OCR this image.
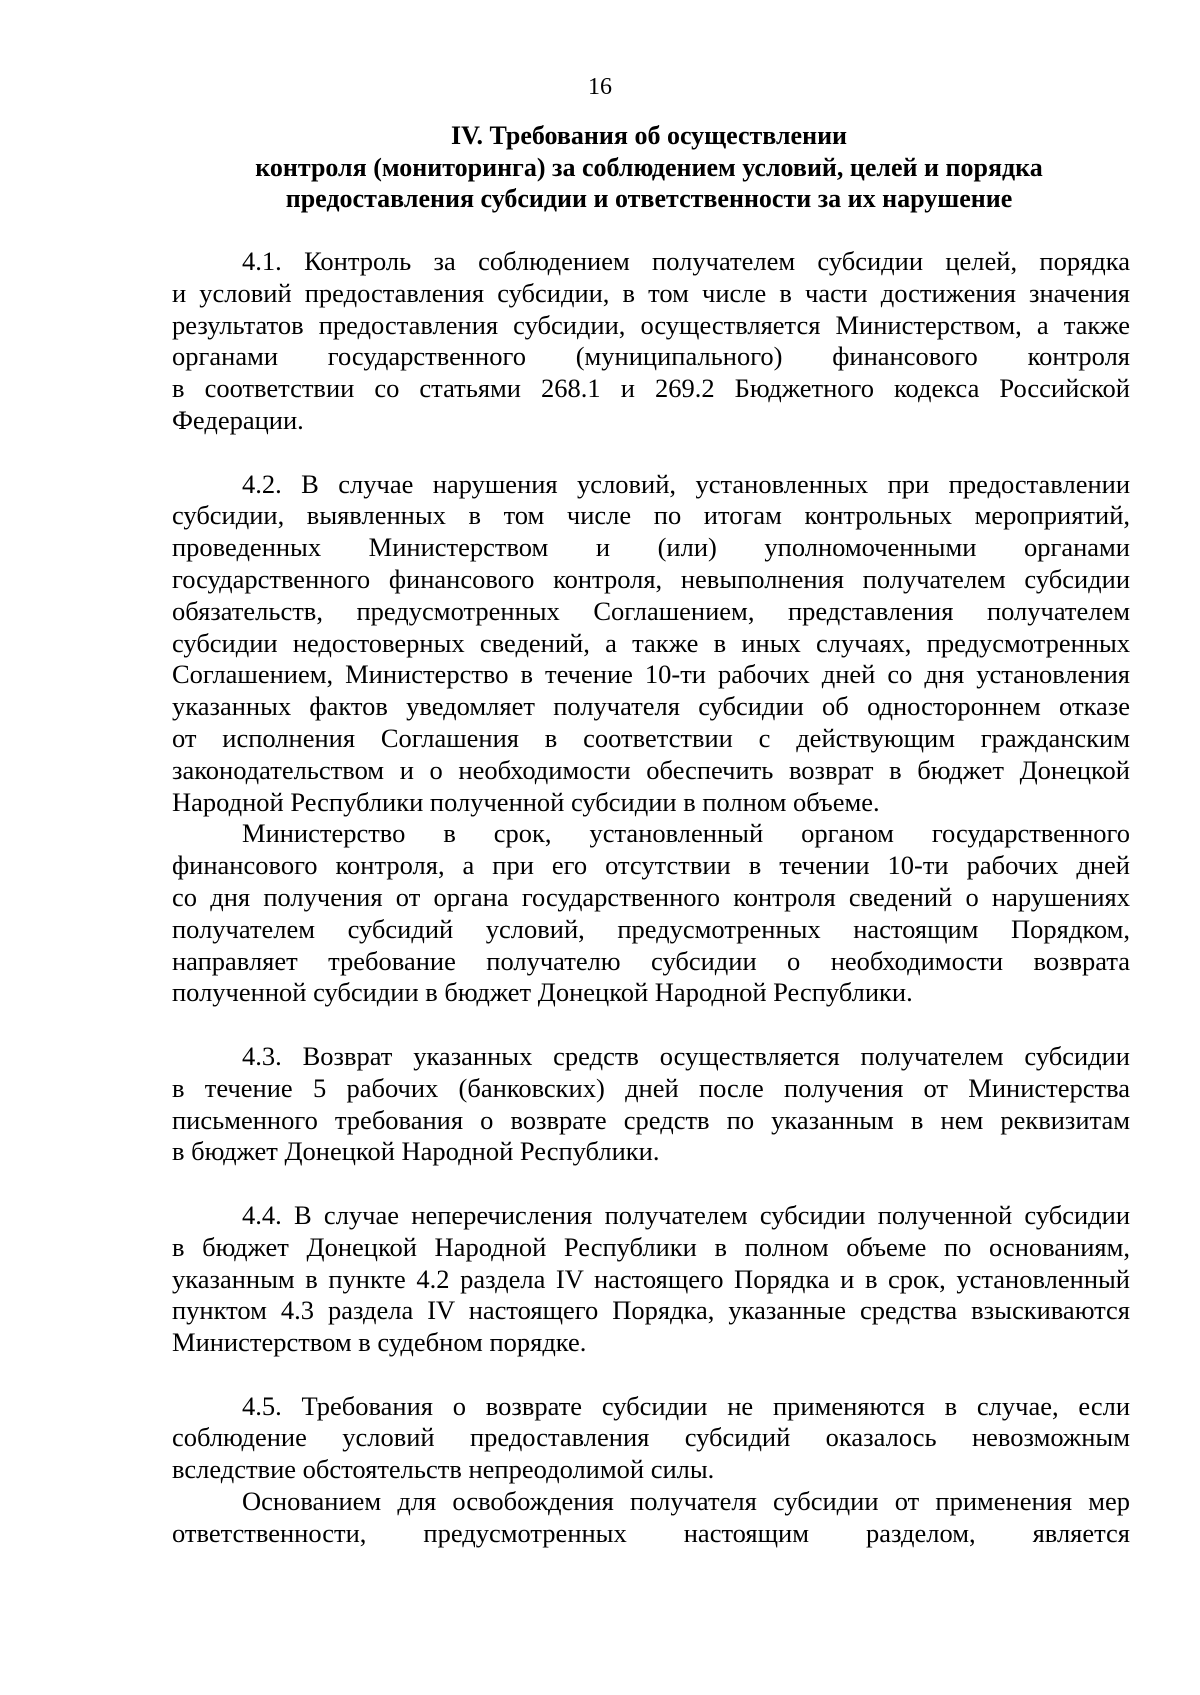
16
IV. Требования об осуществлении
контроля (мониторинга) за соблюдением условий, целей и порядка
предоставления субсидии и ответственности за их нарушение
4.1. Контроль за соблюдением получателем субсидии целей, порядка
и условий предоставления субсидии, в том числе в части достижения значения
результатов предоставления субсидии, осуществляется Министерством, а также
органами государственного (муниципального) финансового контроля
в соответствии со статьями 268.1 и 269.2 Бюджетного кодекса Российской
Федерации.
4.2. В случае нарушения условий, установленных при предоставлении
субсидии, выявленных в том числе по итогам контрольных мероприятий,
проведенных Министерством и (или) уполномоченными органами
государственного финансового контроля, невыполнения получателем субсидии
обязательств, предусмотренных Соглашением, представления получателем
субсидии недостоверных сведений, а также в иных случаях, предусмотренных
Соглашением, Министерство в течение 10-ти рабочих дней со дня установления
указанных фактов уведомляет получателя субсидии об одностороннем отказе
от исполнения Соглашения в соответствии с действующим гражданским
законодательством и о необходимости обеспечить возврат в бюджет Донецкой
Народной Республики полученной субсидии в полном объеме.
Министерство в срок, установленный органом государственного
финансового контроля, а при его отсутствии в течении 10-ти рабочих дней
со дня получения от органа государственного контроля сведений о нарушениях
получателем субсидий условий, предусмотренных настоящим Порядком,
направляет требование получателю субсидии о необходимости возврата
полученной субсидии в бюджет Донецкой Народной Республики.
4.3. Возврат указанных средств осуществляется получателем субсидии
в течение 5 рабочих (банковских) дней после получения от Министерства
письменного требования о возврате средств по указанным в нем реквизитам
в бюджет Донецкой Народной Республики.
4.4. В случае неперечисления получателем субсидии полученной субсидии
в бюджет Донецкой Народной Республики в полном объеме по основаниям,
указанным в пункте 4.2 раздела IV настоящего Порядка и в срок, установленный
пунктом 4.3 раздела IV настоящего Порядка, указанные средства взыскиваются
Министерством в судебном порядке.
4.5. Требования о возврате субсидии не применяются в случае, если
соблюдение условий предоставления субсидий оказалось невозможным
вследствие обстоятельств непреодолимой силы.
Основанием для освобождения получателя субсидии от применения мер
ответственности, предусмотренных настоящим разделом, является
